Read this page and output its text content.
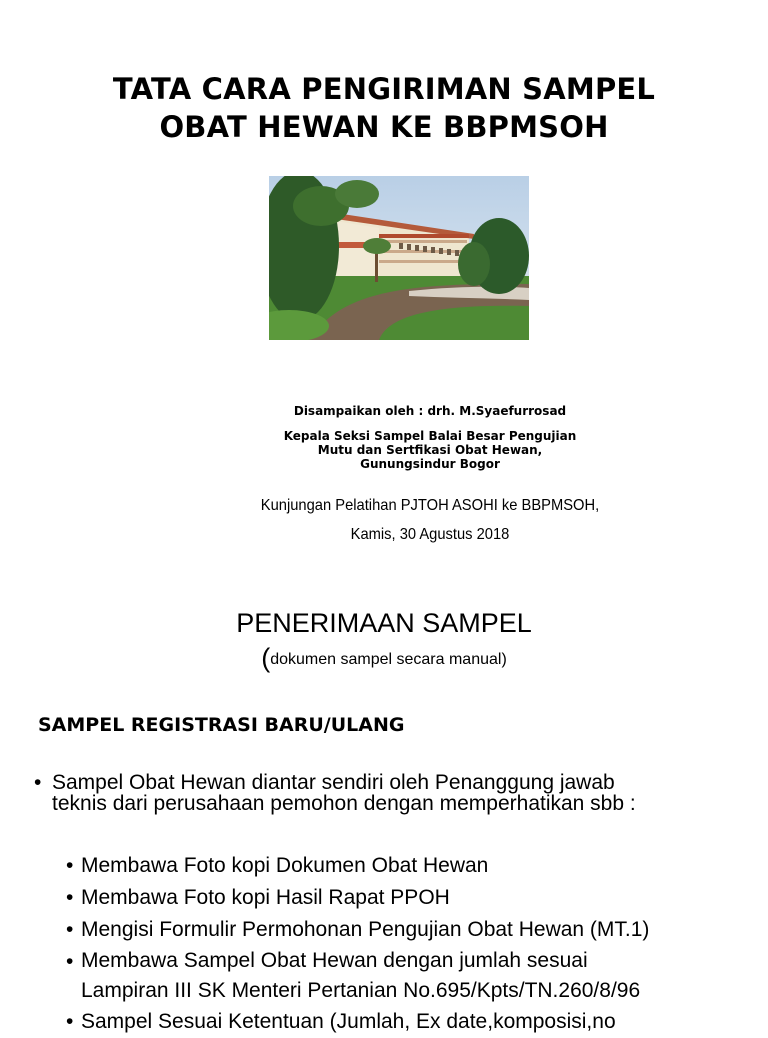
TATA CARA PENGIRIMAN SAMPEL
OBAT HEWAN KE BBPMSOH
Disampaikan oleh : drh. M.Syaefurrosad
Kepala Seksi Sampel Balai Besar Pengujian
Mutu dan Sertfikasi Obat Hewan,
Gunungsindur Bogor
Kunjungan Pelatihan PJTOH ASOHI ke BBPMSOH,
Kamis, 30 Agustus 2018
PENERIMAAN SAMPEL
(dokumen sampel secara manual)
SAMPEL REGISTRASI BARU/ULANG
• Sampel Obat Hewan diantar sendiri oleh Penanggung jawab
teknis dari perusahaan pemohon dengan memperhatikan sbb :
• Membawa Foto kopi Dokumen Obat Hewan
• Membawa Foto kopi Hasil Rapat PPOH
• Mengisi Formulir Permohonan Pengujian Obat Hewan (MT.1)
• Membawa Sampel Obat Hewan dengan jumlah sesuai
Lampiran III SK Menteri Pertanian No.695/Kpts/TN.260/8/96
• Sampel Sesuai Ketentuan (Jumlah, Ex date,komposisi,no
